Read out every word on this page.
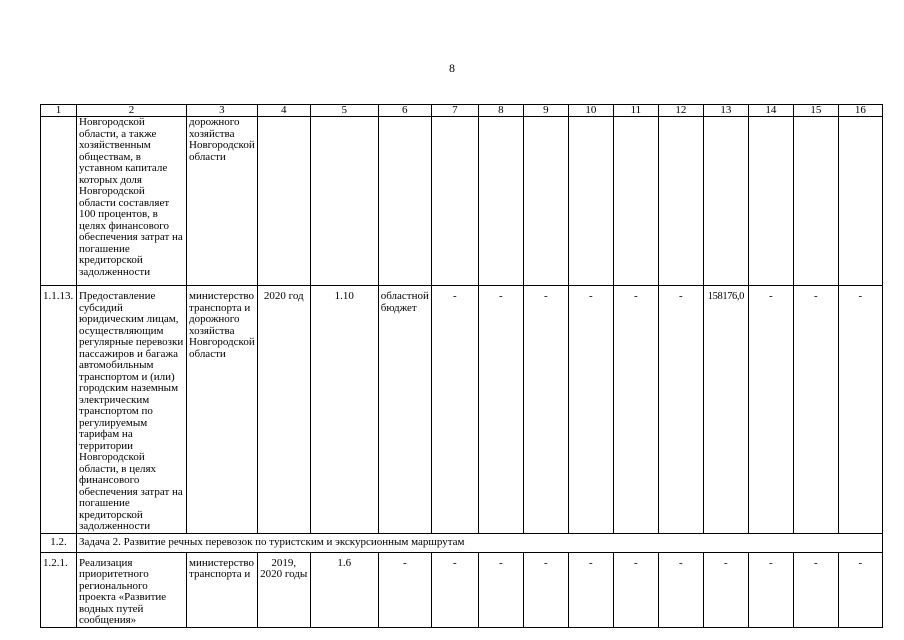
8
1	2	3	4	5	6	7	8	9	10	11	12	13	14	15	16
	Новгородской области, а также хозяйственным обществам, в уставном капитале которых доля Новгородской области составляет 100 процентов, в целях финансового обеспечения затрат на погашение кредиторской задолженности	дорожного хозяйства Новгородской области													
1.1.13.	Предоставление субсидий юридическим лицам, осуществляющим регулярные перевозки пассажиров и багажа автомобильным транспортом и (или) городским наземным электрическим транспортом по регулируемым тарифам на территории Новгородской области, в целях финансового обеспечения затрат на погашение кредиторской задолженности	министерство транспорта и дорожного хозяйства Новгородской области	2020 год	1.10	областной бюджет	-	-	-	-	-	-	158176,0	-	-	-
1.2.	Задача 2. Развитие речных перевозок по туристским и экскурсионным маршрутам														
1.2.1.	Реализация приоритетного регионального проекта «Развитие водных путей сообщения»	министерство транспорта и	2019, 2020 годы	1.6	-	-	-	-	-	-	-	-	-	-	-
